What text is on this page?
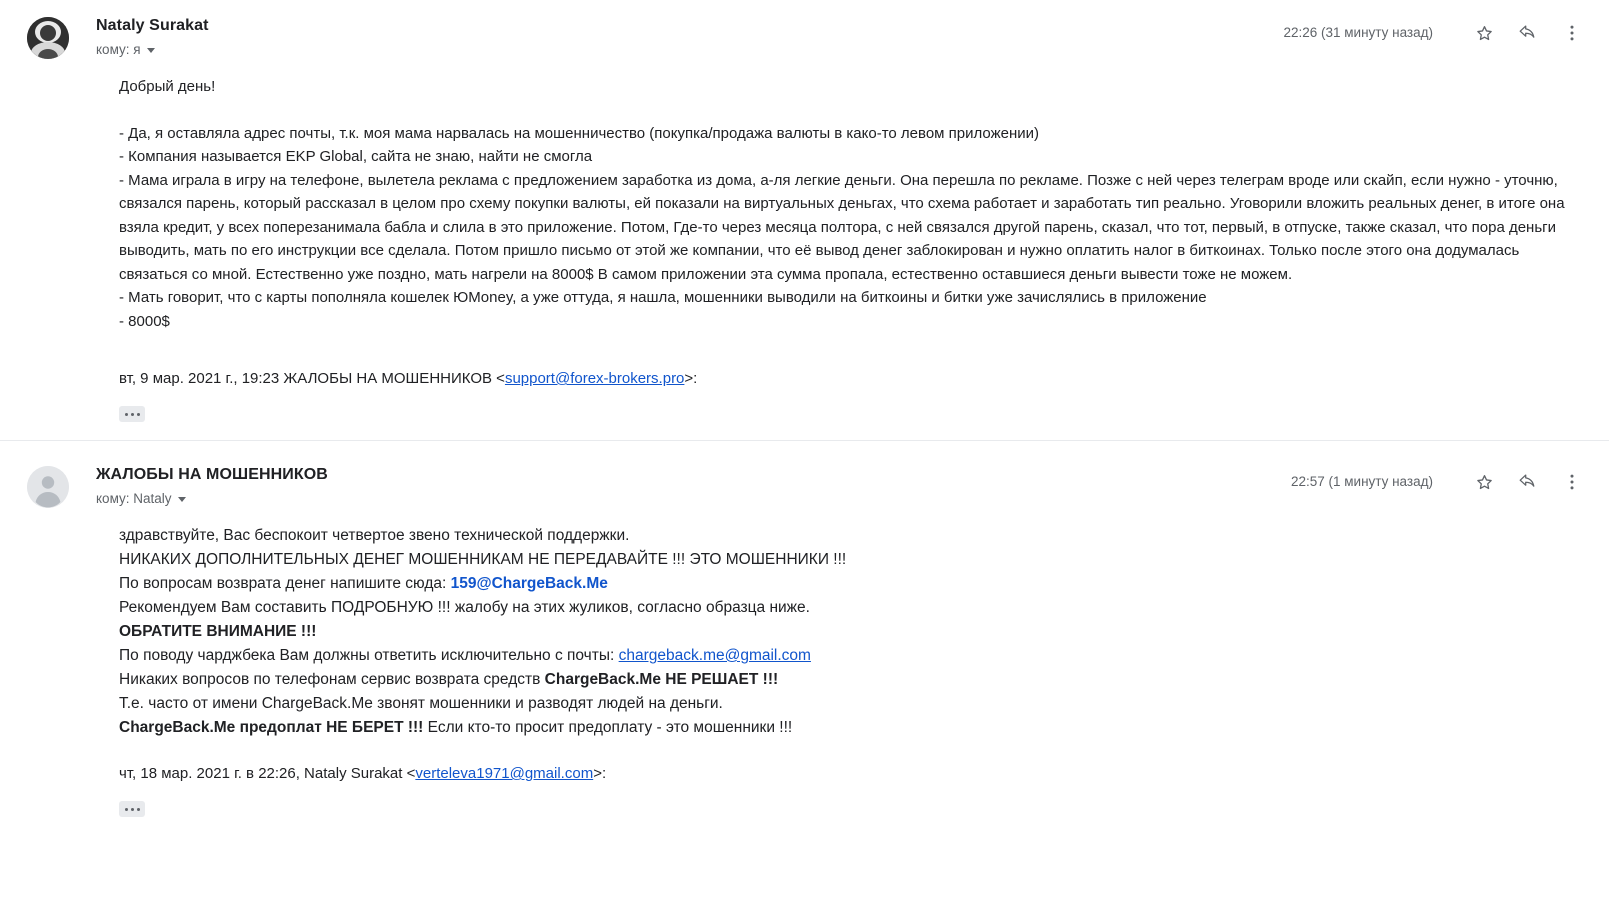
Nataly Surakat
кому: я
22:26 (31 минуту назад)

Добрый день!

- Да, я оставляла адрес почты, т.к. моя мама нарвалась на мошенничество (покупка/продажа валюты в како-то левом приложении)

- Компания называется EKP Global, сайта не знаю, найти не смогла

- Мама играла в игру на телефоне, вылетела реклама с предложением заработка из дома, а-ля легкие деньги. Она перешла по рекламе. Позже с ней через телеграм вроде или скайп, если нужно - уточню, связался парень, который рассказал в целом про схему покупки валюты, ей показали на виртуальных деньгах, что схема работает и заработать тип реально. Уговорили вложить реальных денег, в итоге она взяла кредит, у всех поперезанимала бабла и слила в это приложение. Потом, Где-то через месяца полтора, с ней связался другой парень, сказал, что тот, первый, в отпуске, также сказал, что пора деньги выводить, мать по его инструкции все сделала. Потом пришло письмо от этой же компании, что её вывод денег заблокирован и нужно оплатить налог в биткоинах. Только после этого она додумалась связаться со мной. Естественно уже поздно, мать нагрели на 8000$ В самом приложении эта сумма пропала, естественно оставшиеся деньги вывести тоже не можем.

- Мать говорит, что с карты пополняла кошелек ЮMoney, а уже оттуда, я нашла, мошенники выводили на биткоины и битки уже зачислялись в приложение

- 8000$

вт, 9 мар. 2021 г., 19:23 ЖАЛОБЫ НА МОШЕННИКОВ <support@forex-brokers.pro>:
ЖАЛОБЫ НА МОШЕННИКОВ
кому: Nataly
22:57 (1 минуту назад)

здравствуйте, Вас беспокоит четвертое звено технической поддержки.

НИКАКИХ ДОПОЛНИТЕЛЬНЫХ ДЕНЕГ МОШЕННИКАМ НЕ ПЕРЕДАВАЙТЕ !!! ЭТО МОШЕННИКИ !!!

По вопросам возврата денег напишите сюда: 159@ChargeBack.Me

Рекомендуем Вам составить ПОДРОБНУЮ !!! жалобу на этих жуликов, согласно образца ниже.

ОБРАТИТЕ ВНИМАНИЕ !!!

По поводу чарджбека Вам должны ответить исключительно с почты: chargeback.me@gmail.com

Никаких вопросов по телефонам сервис возврата средств ChargeBack.Me НЕ РЕШАЕТ !!!

Т.е. часто от имени ChargeBack.Me звонят мошенники и разводят людей на деньги.

ChargeBack.Me предоплат НЕ БЕРЕТ !!! Если кто-то просит предоплату - это мошенники !!!

чт, 18 мар. 2021 г. в 22:26, Nataly Surakat <verteleva1971@gmail.com>:
